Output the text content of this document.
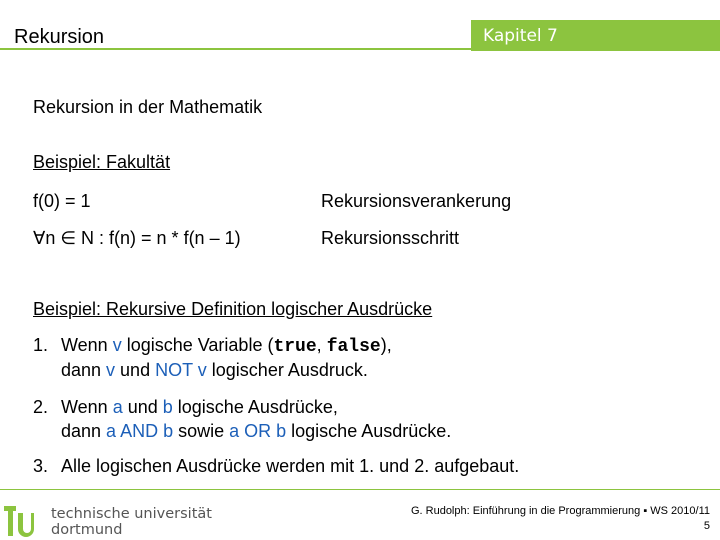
Rekursion	Kapitel 7
Rekursion in der Mathematik
Beispiel: Fakultät
f(0) = 1	Rekursionsverankerung
∀n ∈ N : f(n) = n * f(n – 1)	Rekursionsschritt
Beispiel: Rekursive Definition logischer Ausdrücke
1. Wenn v logische Variable (true, false),
dann v und NOT v logischer Ausdruck.
2. Wenn a und b logische Ausdrücke,
dann a AND b sowie a OR b logische Ausdrücke.
3. Alle logischen Ausdrücke werden mit 1. und 2. aufgebaut.
technische universität
dortmund
G. Rudolph: Einführung in die Programmierung ▪ WS 2010/11
5
